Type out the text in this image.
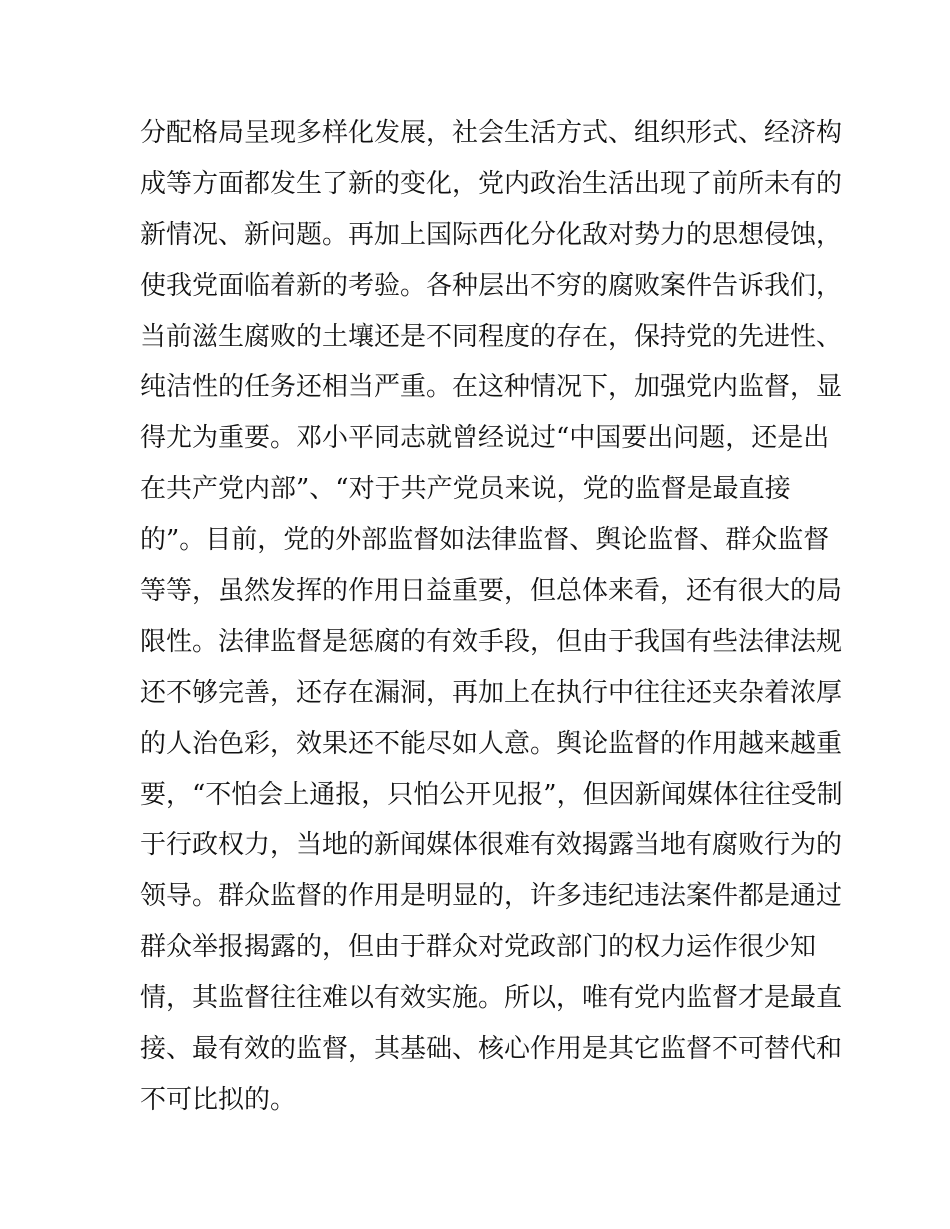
分配格局呈现多样化发展，社会生活方式、组织形式、经济构
成等方面都发生了新的变化，党内政治生活出现了前所未有的
新情况、新问题。再加上国际西化分化敌对势力的思想侵蚀，
使我党面临着新的考验。各种层出不穷的腐败案件告诉我们，
当前滋生腐败的土壤还是不同程度的存在，保持党的先进性、
纯洁性的任务还相当严重。在这种情况下，加强党内监督，显
得尤为重要。邓小平同志就曾经说过“中国要出问题，还是出
在共产党内部”、“对于共产党员来说，党的监督是最直接
的”。目前，党的外部监督如法律监督、舆论监督、群众监督
等等，虽然发挥的作用日益重要，但总体来看，还有很大的局
限性。法律监督是惩腐的有效手段，但由于我国有些法律法规
还不够完善，还存在漏洞，再加上在执行中往往还夹杂着浓厚
的人治色彩，效果还不能尽如人意。舆论监督的作用越来越重
要，“不怕会上通报，只怕公开见报”，但因新闻媒体往往受制
于行政权力，当地的新闻媒体很难有效揭露当地有腐败行为的
领导。群众监督的作用是明显的，许多违纪违法案件都是通过
群众举报揭露的，但由于群众对党政部门的权力运作很少知
情，其监督往往难以有效实施。所以，唯有党内监督才是最直
接、最有效的监督，其基础、核心作用是其它监督不可替代和
不可比拟的。
